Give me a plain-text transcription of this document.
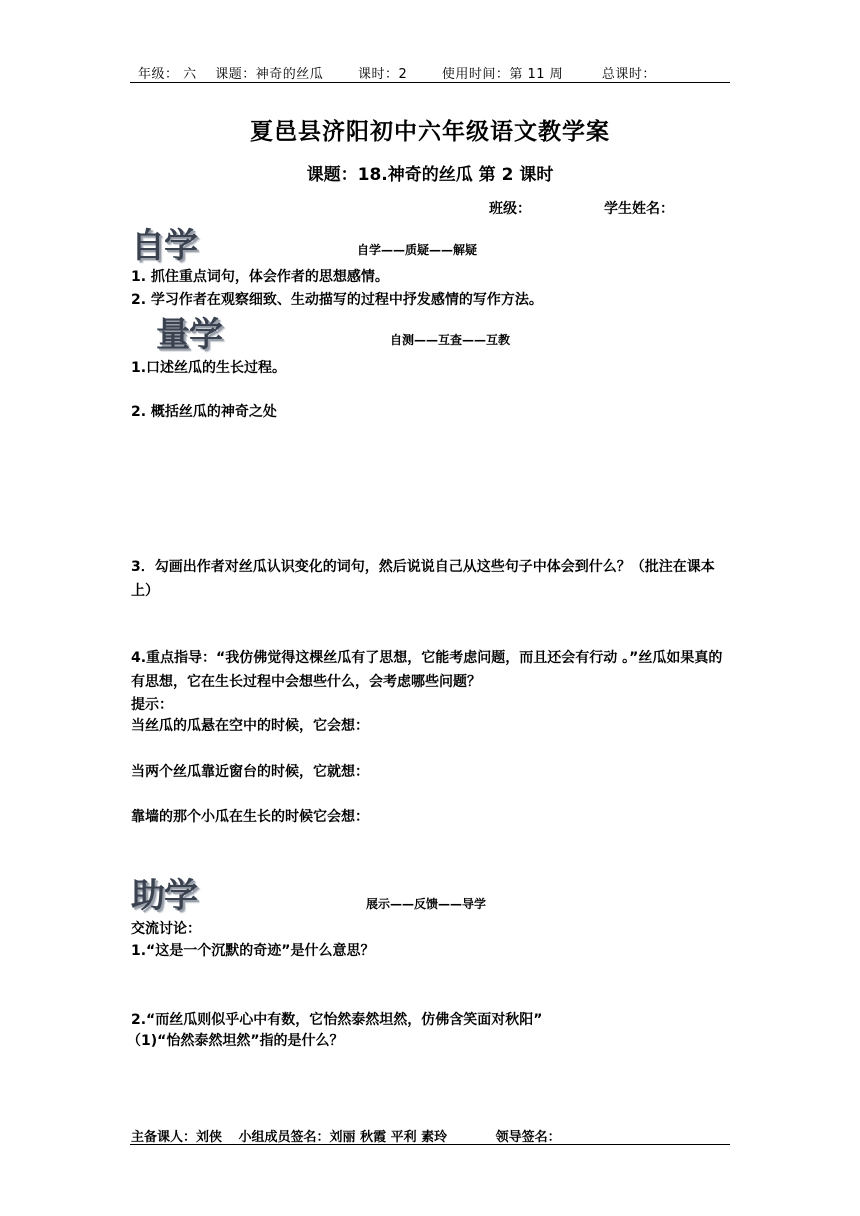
年级： 六 课题：神奇的丝瓜	课时：2	使用时间：第 11 周	总课时：
夏邑县济阳初中六年级语文教学案
课题：18.神奇的丝瓜 第 2 课时
班级：	学生姓名：
自学	自学——质疑——解疑
1. 抓住重点词句，体会作者的思想感情。
2. 学习作者在观察细致、生动描写的过程中抒发感情的写作方法。
量学	自测——互查——互教
1.口述丝瓜的生长过程。
2. 概括丝瓜的神奇之处
3．勾画出作者对丝瓜认识变化的词句，然后说说自己从这些句子中体会到什么？（批注在课本上）
4.重点指导：“我仿佛觉得这棵丝瓜有了思想，它能考虑问题，而且还会有行动 。”丝瓜如果真的有思想，它在生长过程中会想些什么，会考虑哪些问题？
提示：
当丝瓜的瓜悬在空中的时候，它会想：
当两个丝瓜靠近窗台的时候，它就想：
靠墙的那个小瓜在生长的时候它会想：
助学	展示——反馈——导学
交流讨论：
1.“这是一个沉默的奇迹”是什么意思？
2.“而丝瓜则似乎心中有数，它怡然泰然坦然，仿佛含笑面对秋阳”
（1)“怡然泰然坦然”指的是什么？
主备课人：刘侠 小组成员签名：刘丽 秋霞 平利 素玲	领导签名：
